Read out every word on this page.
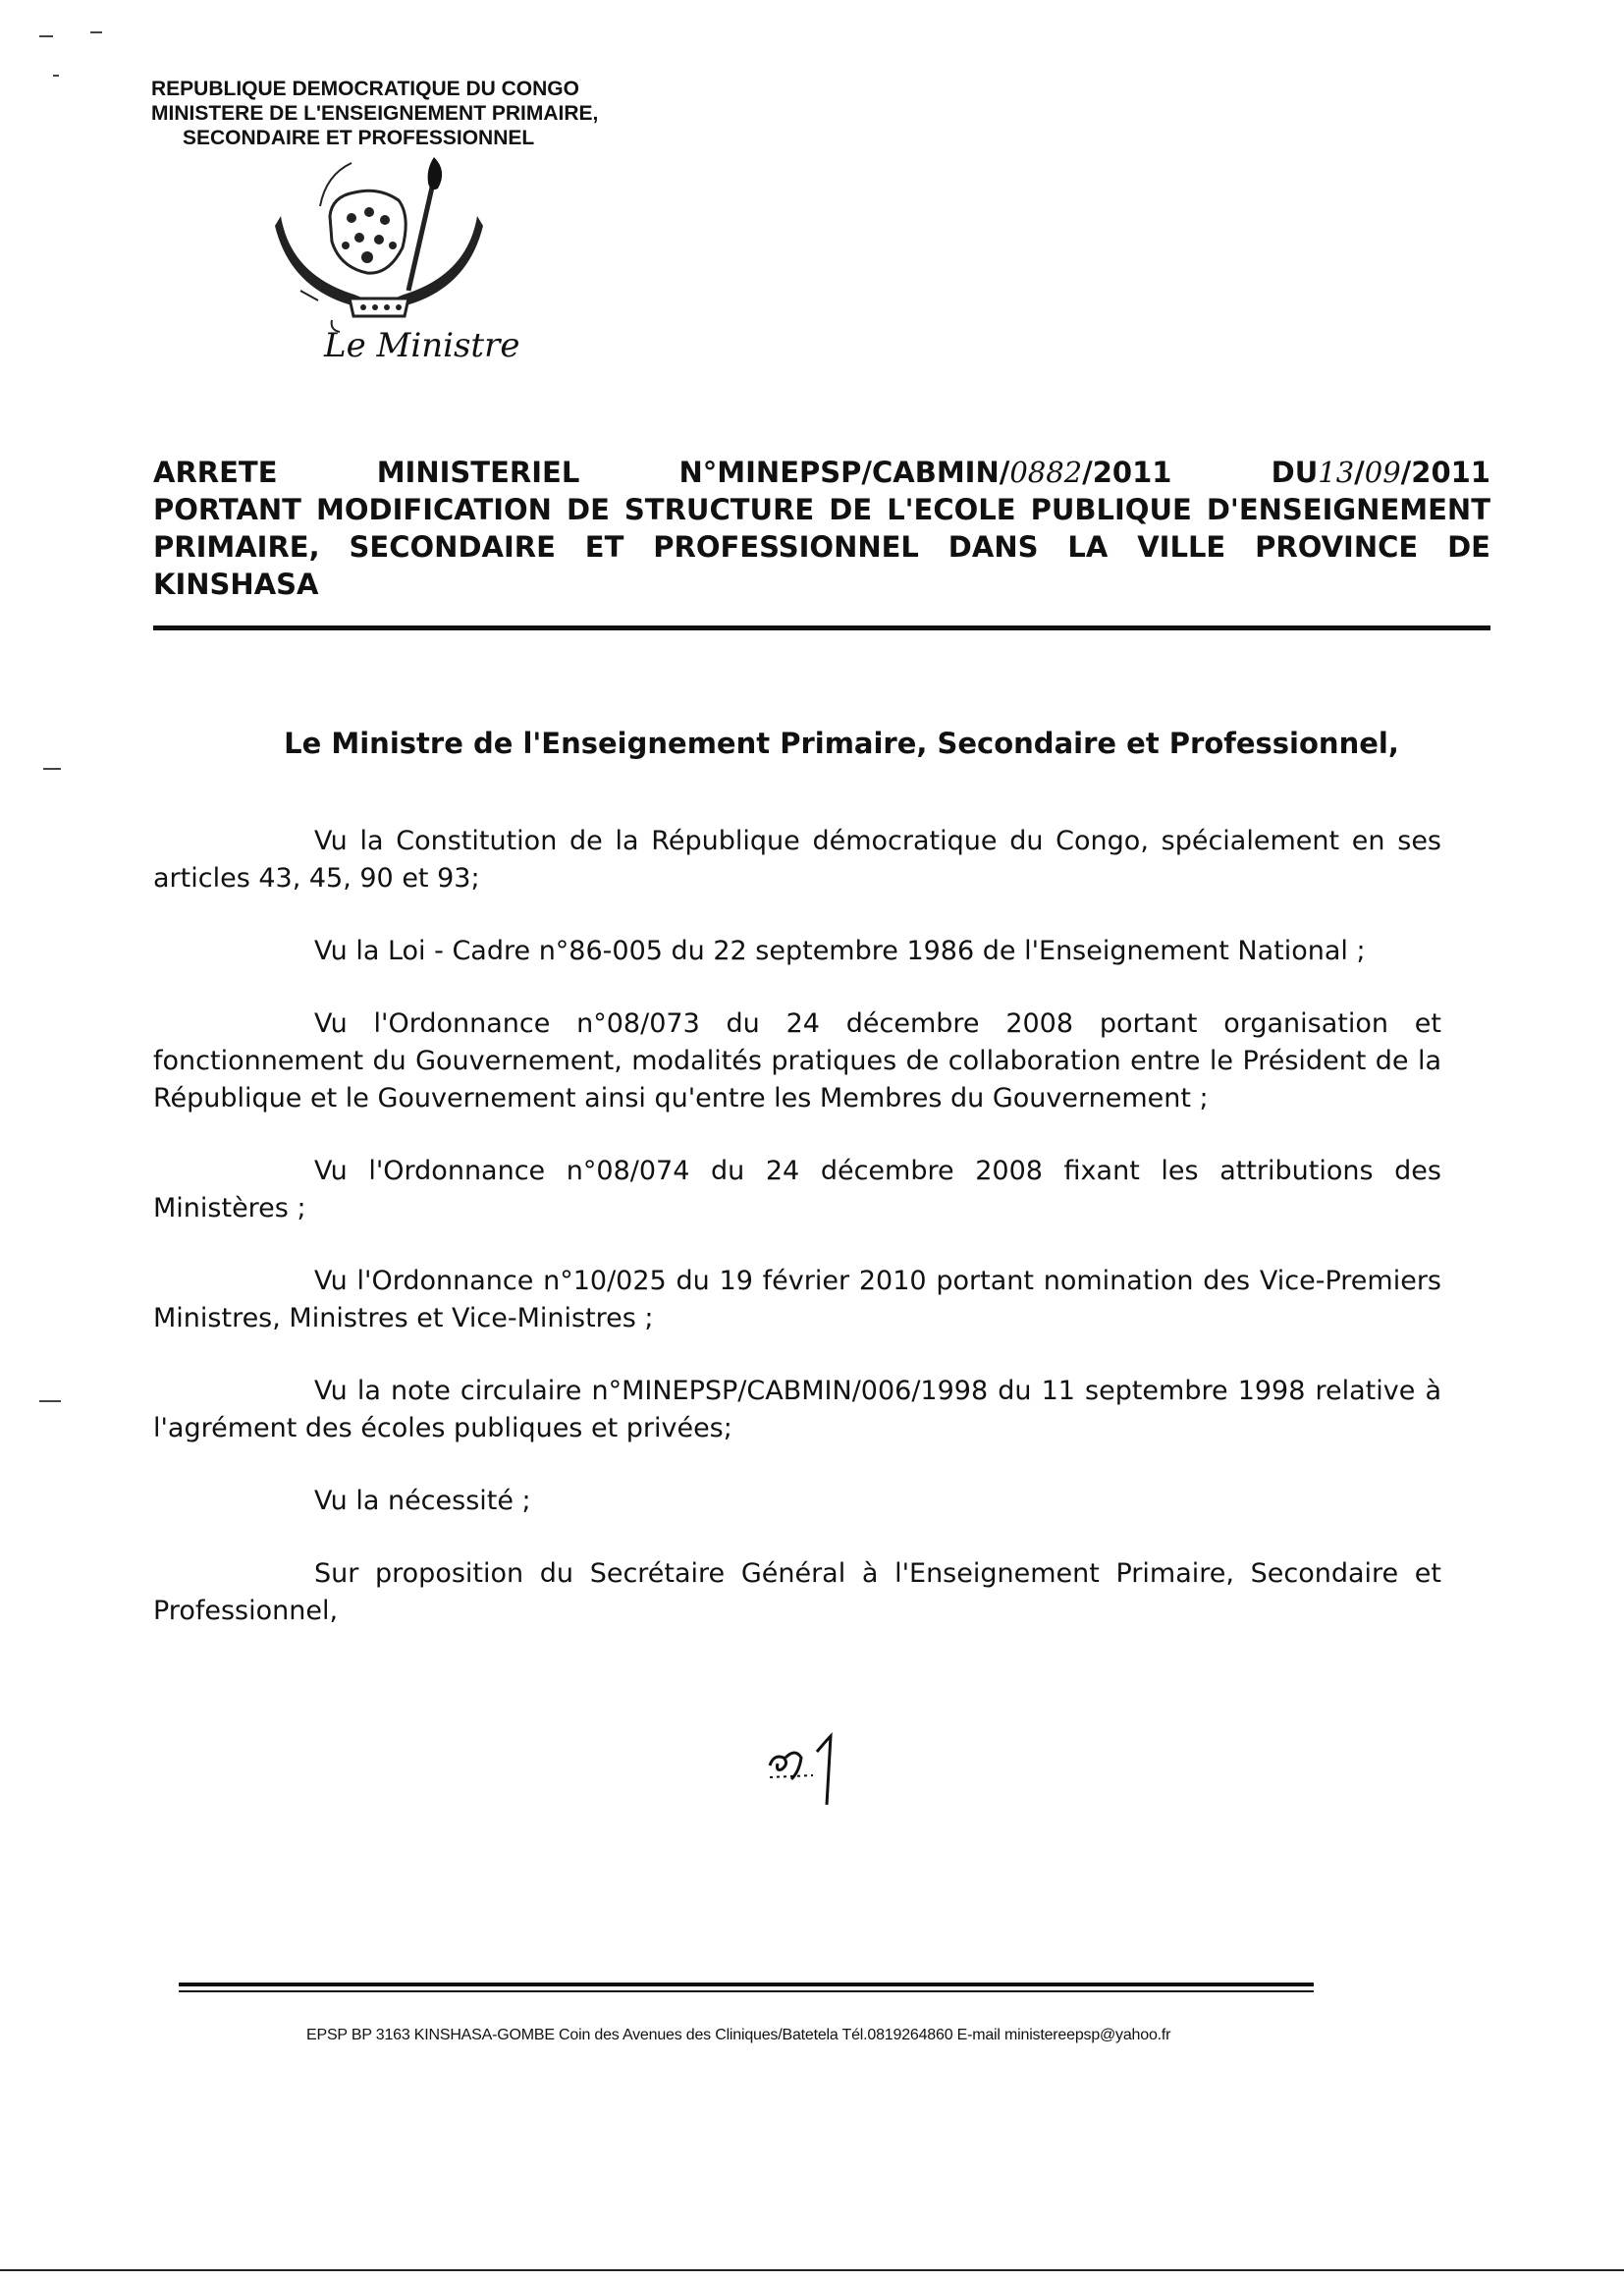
REPUBLIQUE DEMOCRATIQUE DU CONGO
MINISTERE DE L'ENSEIGNEMENT PRIMAIRE,
SECONDAIRE ET PROFESSIONNEL
Le Ministre
ARRETE	MINISTERIEL	N°MINEPSP/CABMIN/0882/2011	DU13/09/2011
PORTANT MODIFICATION DE STRUCTURE DE L'ECOLE PUBLIQUE D'ENSEIGNEMENT PRIMAIRE, SECONDAIRE ET PROFESSIONNEL DANS LA VILLE PROVINCE DE KINSHASA

Le Ministre de l'Enseignement Primaire, Secondaire et Professionnel,

Vu la Constitution de la République démocratique du Congo, spécialement en ses articles 43, 45, 90 et 93;

Vu la Loi - Cadre n°86-005 du 22 septembre 1986 de l'Enseignement National ;

Vu l'Ordonnance n°08/073 du 24 décembre 2008 portant organisation et fonctionnement du Gouvernement, modalités pratiques de collaboration entre le Président de la République et le Gouvernement ainsi qu'entre les Membres du Gouvernement ;

Vu l'Ordonnance n°08/074 du 24 décembre 2008 fixant les attributions des Ministères ;

Vu l'Ordonnance n°10/025 du 19 février 2010 portant nomination des Vice-Premiers Ministres, Ministres et Vice-Ministres ;

Vu la note circulaire n°MINEPSP/CABMIN/006/1998 du 11 septembre 1998 relative à l'agrément des écoles publiques et privées;

Vu la nécessité ;

Sur proposition du Secrétaire Général à l'Enseignement Primaire, Secondaire et Professionnel,

EPSP BP 3163 KINSHASA-GOMBE Coin des Avenues des Cliniques/Batetela Tél.0819264860 E-mail ministereepsp@yahoo.fr
